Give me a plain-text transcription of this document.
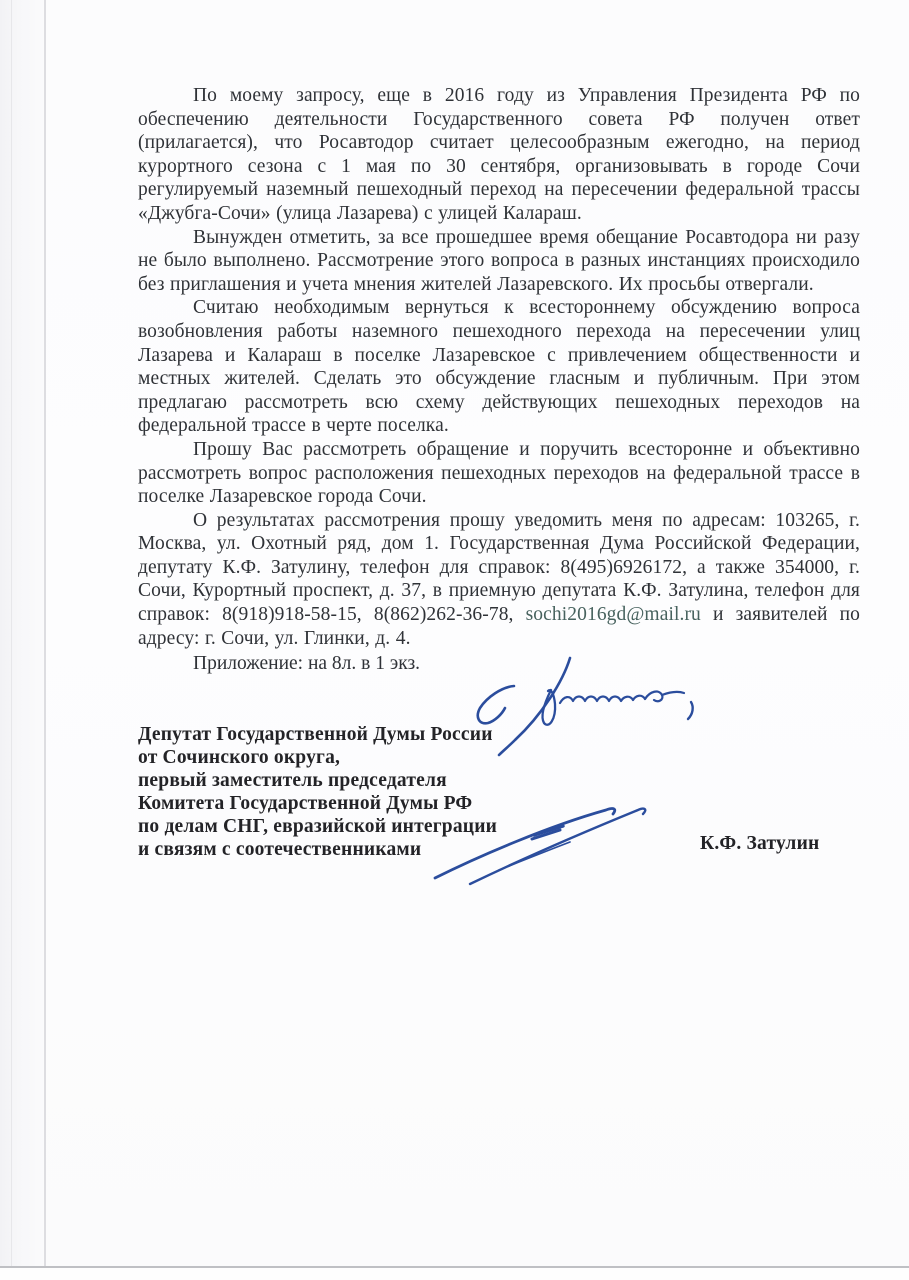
По моему запросу, еще в 2016 году из Управления Президента РФ по обеспечению деятельности Государственного совета РФ получен ответ (прилагается), что Росавтодор считает целесообразным ежегодно, на период курортного сезона с 1 мая по 30 сентября, организовывать в городе Сочи регулируемый наземный пешеходный переход на пересечении федеральной трассы «Джубга-Сочи» (улица Лазарева) с улицей Калараш.

Вынужден отметить, за все прошедшее время обещание Росавтодора ни разу не было выполнено. Рассмотрение этого вопроса в разных инстанциях происходило без приглашения и учета мнения жителей Лазаревского. Их просьбы отвергали.

Считаю необходимым вернуться к всестороннему обсуждению вопроса возобновления работы наземного пешеходного перехода на пересечении улиц Лазарева и Калараш в поселке Лазаревское с привлечением общественности и местных жителей. Сделать это обсуждение гласным и публичным. При этом предлагаю рассмотреть всю схему действующих пешеходных переходов на федеральной трассе в черте поселка.

Прошу Вас рассмотреть обращение и поручить всесторонне и объективно рассмотреть вопрос расположения пешеходных переходов на федеральной трассе в поселке Лазаревское города Сочи.

О результатах рассмотрения прошу уведомить меня по адресам: 103265, г. Москва, ул. Охотный ряд, дом 1. Государственная Дума Российской Федерации, депутату К.Ф. Затулину, телефон для справок: 8(495)6926172, а также 354000, г. Сочи, Курортный проспект, д. 37, в приемную депутата К.Ф. Затулина, телефон для справок: 8(918)918-58-15, 8(862)262-36-78, sochi2016gd@mail.ru и заявителей по адресу: г. Сочи, ул. Глинки, д. 4.

Приложение: на 8л. в 1 экз.

Депутат Государственной Думы России
от Сочинского округа,
первый заместитель председателя
Комитета Государственной Думы РФ
по делам СНГ, евразийской интеграции
и связям с соотечественниками	К.Ф. Затулин
